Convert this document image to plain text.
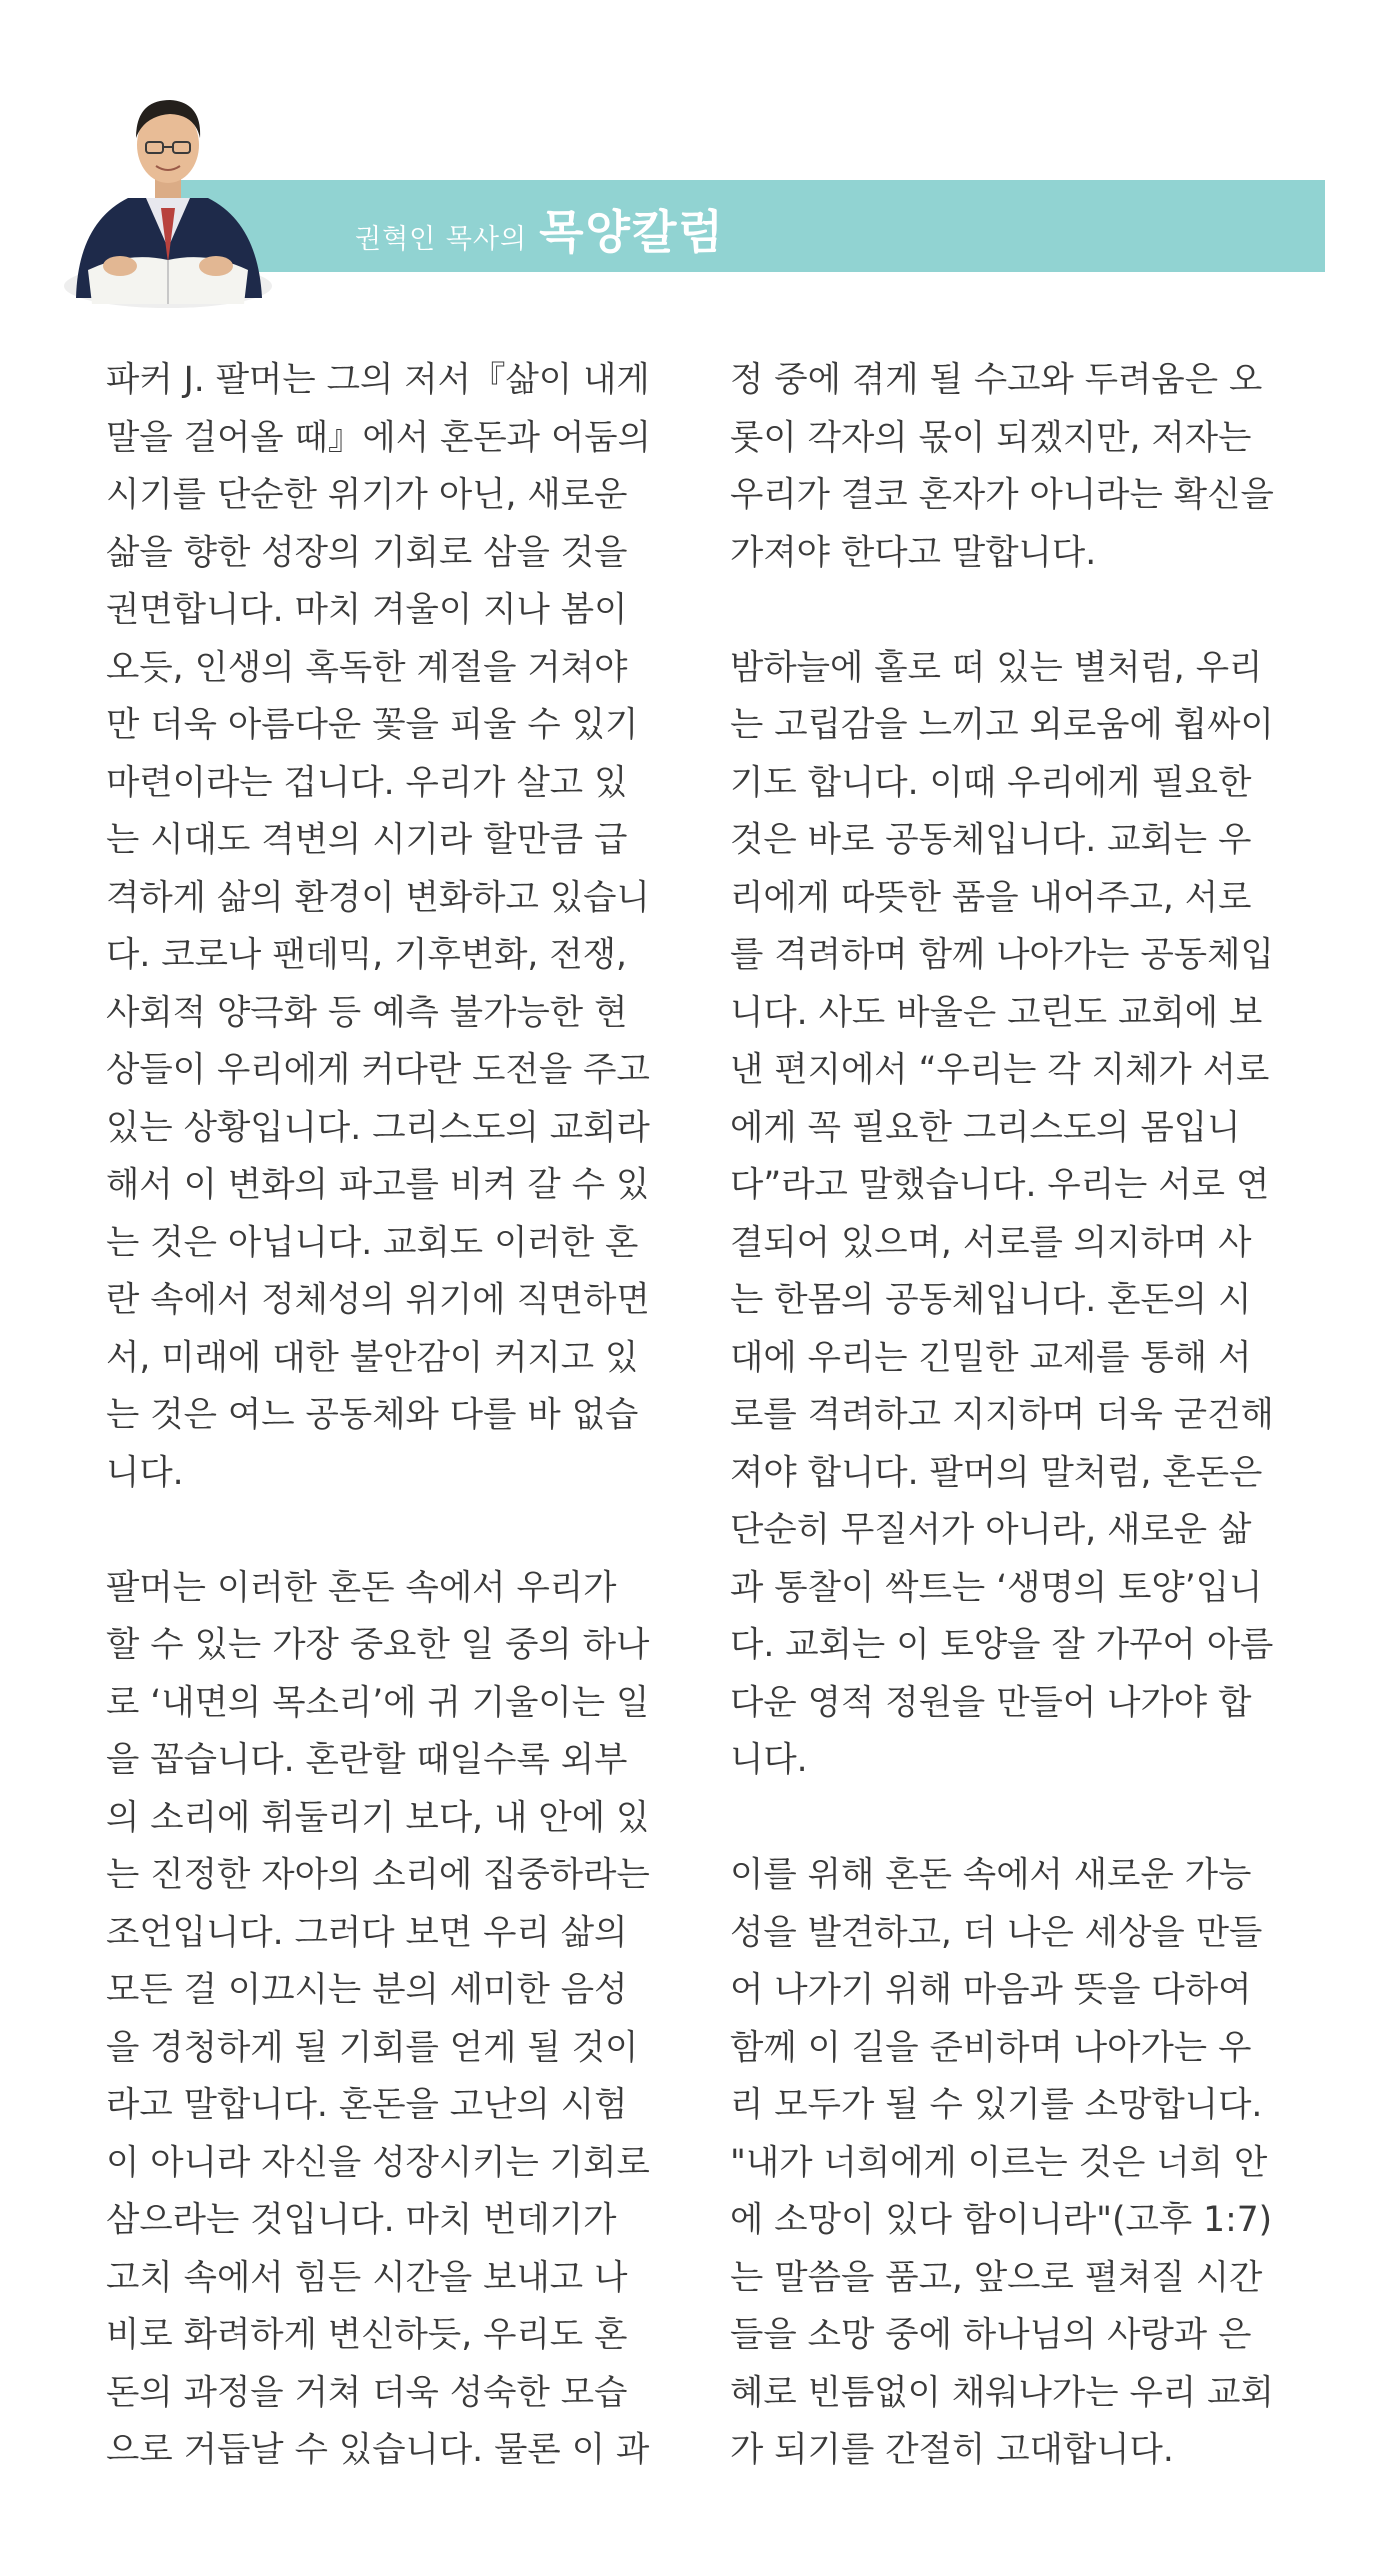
권혁인 목사의 목양칼럼

파커 J. 팔머는 그의 저서『삶이 내게
말을 걸어올 때』에서 혼돈과 어둠의
시기를 단순한 위기가 아닌, 새로운
삶을 향한 성장의 기회로 삼을 것을
권면합니다. 마치 겨울이 지나 봄이
오듯, 인생의 혹독한 계절을 거쳐야
만 더욱 아름다운 꽃을 피울 수 있기
마련이라는 겁니다. 우리가 살고 있
는 시대도 격변의 시기라 할만큼 급
격하게 삶의 환경이 변화하고 있습니
다. 코로나 팬데믹, 기후변화, 전쟁,
사회적 양극화 등 예측 불가능한 현
상들이 우리에게 커다란 도전을 주고
있는 상황입니다. 그리스도의 교회라
해서 이 변화의 파고를 비켜 갈 수 있
는 것은 아닙니다. 교회도 이러한 혼
란 속에서 정체성의 위기에 직면하면
서, 미래에 대한 불안감이 커지고 있
는 것은 여느 공동체와 다를 바 없습
니다.

팔머는 이러한 혼돈 속에서 우리가
할 수 있는 가장 중요한 일 중의 하나
로 ‘내면의 목소리’에 귀 기울이는 일
을 꼽습니다. 혼란할 때일수록 외부
의 소리에 휘둘리기 보다, 내 안에 있
는 진정한 자아의 소리에 집중하라는
조언입니다. 그러다 보면 우리 삶의
모든 걸 이끄시는 분의 세미한 음성
을 경청하게 될 기회를 얻게 될 것이
라고 말합니다. 혼돈을 고난의 시험
이 아니라 자신을 성장시키는 기회로
삼으라는 것입니다. 마치 번데기가
고치 속에서 힘든 시간을 보내고 나
비로 화려하게 변신하듯, 우리도 혼
돈의 과정을 거쳐 더욱 성숙한 모습
으로 거듭날 수 있습니다. 물론 이 과

정 중에 겪게 될 수고와 두려움은 오
롯이 각자의 몫이 되겠지만, 저자는
우리가 결코 혼자가 아니라는 확신을
가져야 한다고 말합니다.

밤하늘에 홀로 떠 있는 별처럼, 우리
는 고립감을 느끼고 외로움에 휩싸이
기도 합니다. 이때 우리에게 필요한
것은 바로 공동체입니다. 교회는 우
리에게 따뜻한 품을 내어주고, 서로
를 격려하며 함께 나아가는 공동체입
니다. 사도 바울은 고린도 교회에 보
낸 편지에서 “우리는 각 지체가 서로
에게 꼭 필요한 그리스도의 몸입니
다”라고 말했습니다. 우리는 서로 연
결되어 있으며, 서로를 의지하며 사
는 한몸의 공동체입니다. 혼돈의 시
대에 우리는 긴밀한 교제를 통해 서
로를 격려하고 지지하며 더욱 굳건해
져야 합니다. 팔머의 말처럼, 혼돈은
단순히 무질서가 아니라, 새로운 삶
과 통찰이 싹트는 ‘생명의 토양’입니
다. 교회는 이 토양을 잘 가꾸어 아름
다운 영적 정원을 만들어 나가야 합
니다.

이를 위해 혼돈 속에서 새로운 가능
성을 발견하고, 더 나은 세상을 만들
어 나가기 위해 마음과 뜻을 다하여
함께 이 길을 준비하며 나아가는 우
리 모두가 될 수 있기를 소망합니다.
"내가 너희에게 이르는 것은 너희 안
에 소망이 있다 함이니라"(고후 1:7)
는 말씀을 품고, 앞으로 펼쳐질 시간
들을 소망 중에 하나님의 사랑과 은
혜로 빈틈없이 채워나가는 우리 교회
가 되기를 간절히 고대합니다.
